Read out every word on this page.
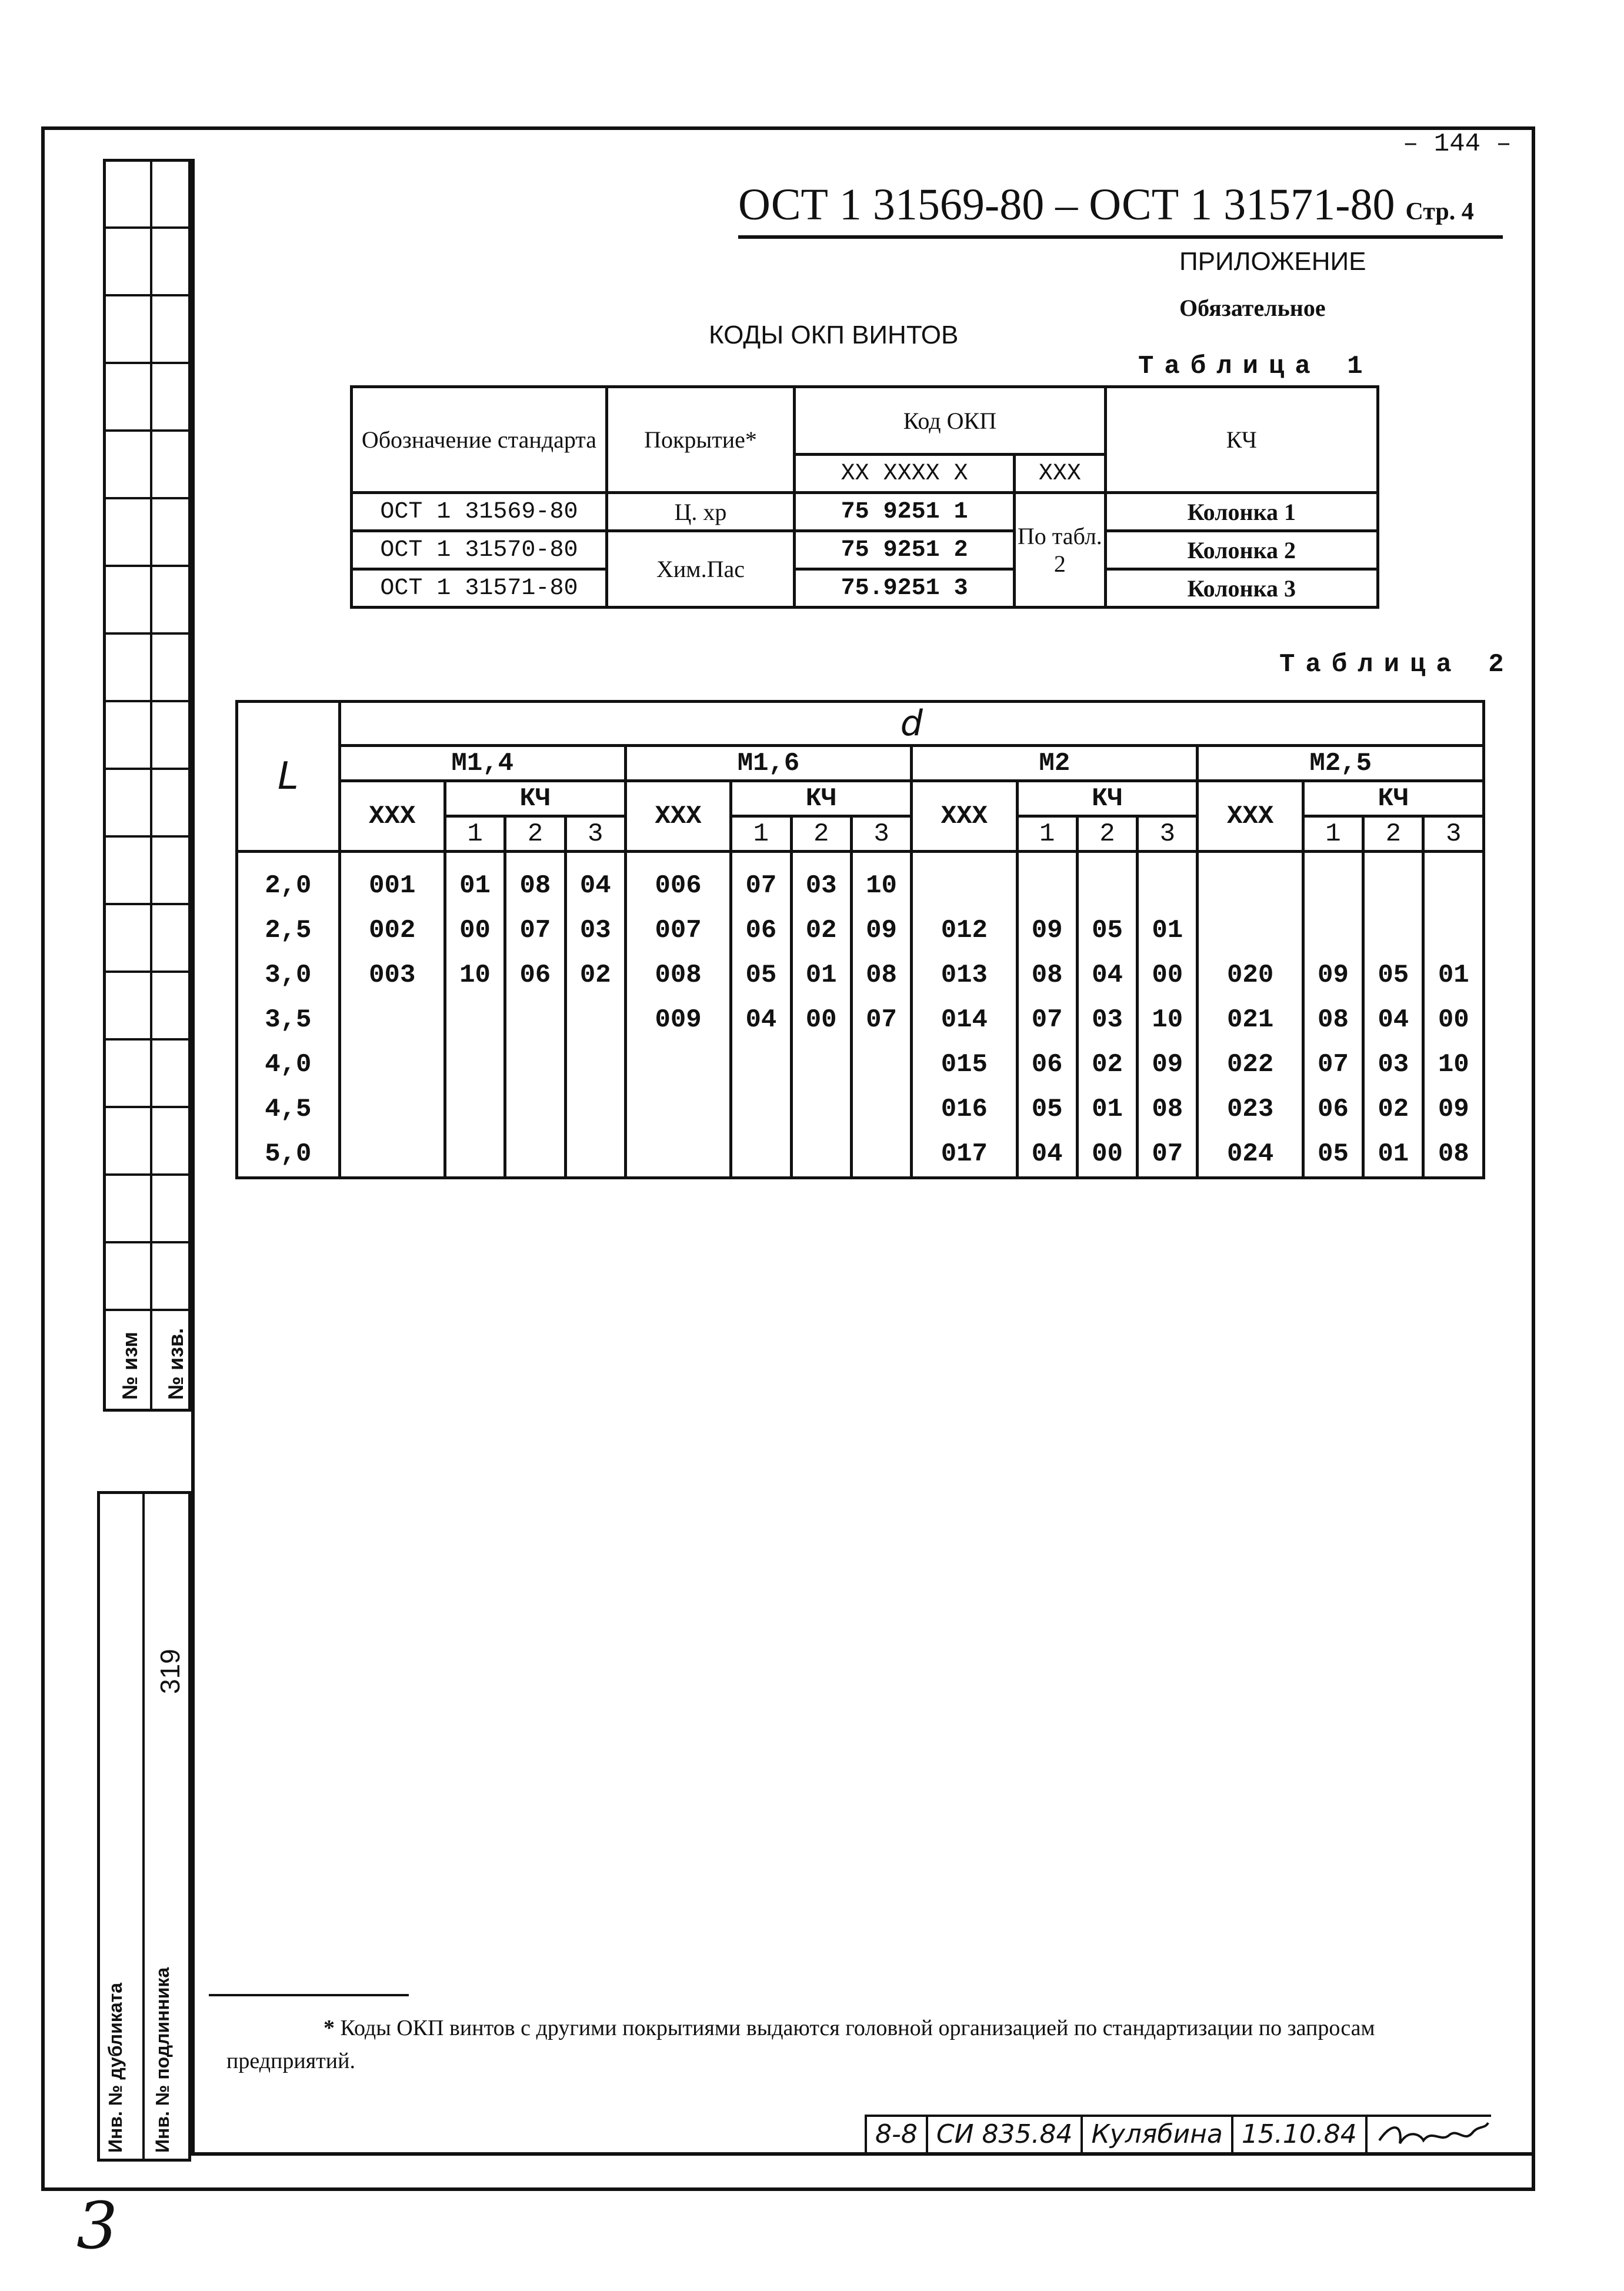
– 144 –
№ изм № изв.
319
Инв. № дубликата Инв. № подлинника
ОСТ 1 31569-80 – ОСТ 1 31571-80 Стр. 4
ПРИЛОЖЕНИЕ
Обязательное
КОДЫ ОКП ВИНТОВ
Таблица 1
Обозначение стандарта	Покрытие*	Код ОКП		КЧ
		XX XXXX X	XXX	
ОСТ 1 31569-80	Ц. хр	75 9251 1	По табл. 2	Колонка 1
ОСТ 1 31570-80	Хим.Пас	75 9251 2		Колонка 2
ОСТ 1 31571-80		75.9251 3		Колонка 3
Таблица 2
L	d															
	M1,4				M1,6				M2				M2,5			
	XXX	КЧ			XXX	КЧ			XXX	КЧ			XXX	КЧ		
		1	2	3		1	2	3		1	2	3		1	2	3
2,0	001	01	08	04	006	07	03	10								
2,5	002	00	07	03	007	06	02	09	012	09	05	01				
3,0	003	10	06	02	008	05	01	08	013	08	04	00	020	09	05	01
3,5					009	04	00	07	014	07	03	10	021	08	04	00
4,0									015	06	02	09	022	07	03	10
4,5									016	05	01	08	023	06	02	09
5,0									017	04	00	07	024	05	01	08
* Коды ОКП винтов с другими покрытиями выдаются головной организацией по стандартизации по запросам предприятий.
8-8 СИ 835.84 Кулябина 15.10.84
3
